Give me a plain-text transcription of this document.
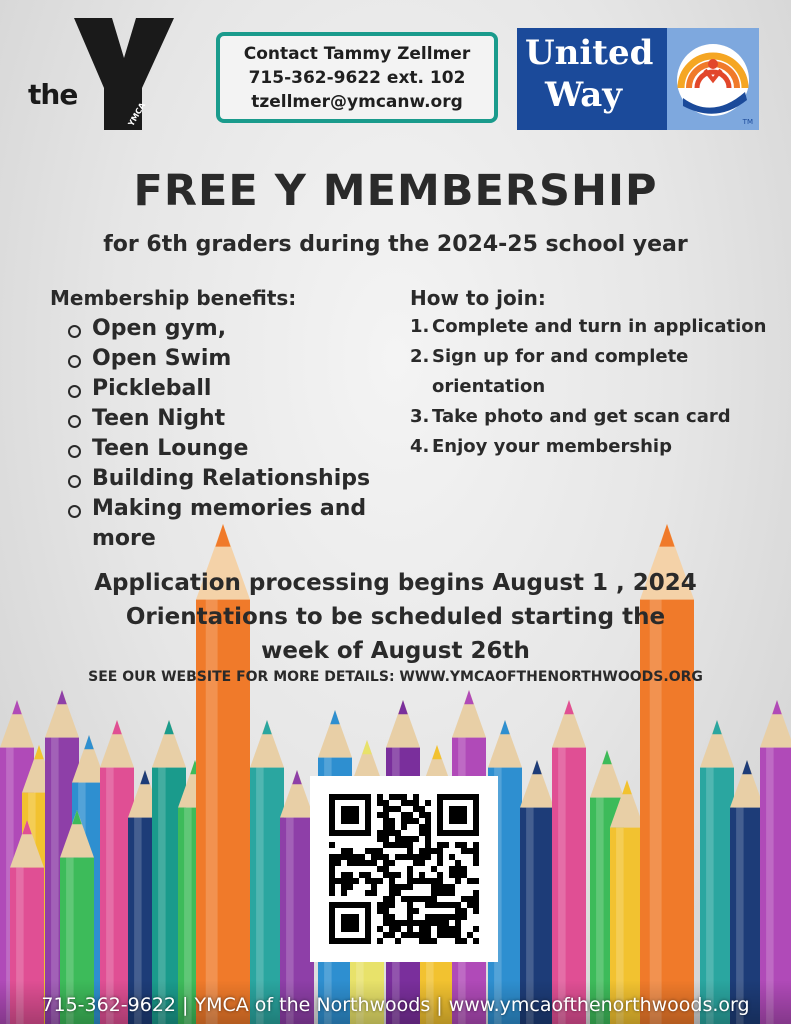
the
YMCA
Contact Tammy Zellmer
715-362-9622 ext. 102
tzellmer@ymcanw.org
United
Way
TM
FREE Y MEMBERSHIP
for 6th graders during the 2024-25 school year
Membership benefits:
Open gym,
Open Swim
Pickleball
Teen Night
Teen Lounge
Building Relationships
Making memories and more
How to join:
1. Complete and turn in application
2. Sign up for and complete orientation
3. Take photo and get scan card
4. Enjoy your membership
Application processing begins August 1 , 2024
Orientations to be scheduled starting the
week of August 26th
SEE OUR WEBSITE FOR MORE DETAILS: WWW.YMCAOFTHENORTHWOODS.ORG
715-362-9622 | YMCA of the Northwoods | www.ymcaofthenorthwoods.org
